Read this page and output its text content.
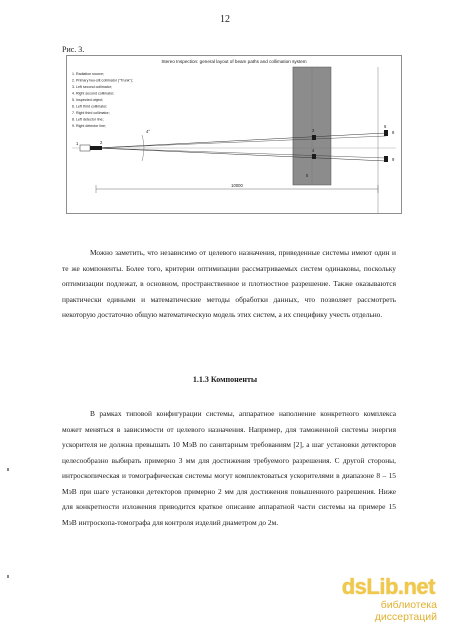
12
Рис. 3.
Stereo Inspection: general layout of beam paths and collimation system
1. Radiation source;
2. Primary two-slit collimator ("Trunk");
3. Left second collimator;
4. Right second collimator;
5. Inspected object;
6. Left third collimator;
7. Right third collimator;
8. Left detector line;
9. Right detector line;
1	2
4°	3
4
5
6
8
7 9
10000
Можно заметить, что независимо от целевого назначения, приведенные системы имеют один и те же компоненты. Более того, критерии оптимизации рассматриваемых систем одинаковы, поскольку оптимизации подлежат, в основном, пространственное и плотностное разрешение. Также оказываются практически едиными и математические методы обработки данных, что позволяет рассмотреть некоторую достаточно общую математическую модель этих систем, а их специфику учесть отдельно.
1.1.3 Компоненты
В рамках типовой конфигурации системы, аппаратное наполнение конкретного комплекса может меняться в зависимости от целевого назначения. Например, для таможенной системы энергия ускорителя не должна превышать 10 МэВ по санитарным требованиям [2], а шаг установки детекторов целесообразно выбирать примерно 3 мм для достижения требуемого разрешения. С другой стороны, интроскопическая и томографическая системы могут комплектоваться ускорителями в диапазоне 8 – 15 МэВ при шаге установки детекторов примерно 2 мм для достижения повышенного разрешения. Ниже для конкретности изложения приводится краткое описание аппаратной части системы на примере 15 МэВ интроскопа-томографа для контроля изделий диаметром до 2м.
dsLib.net
библиотека диссертаций
